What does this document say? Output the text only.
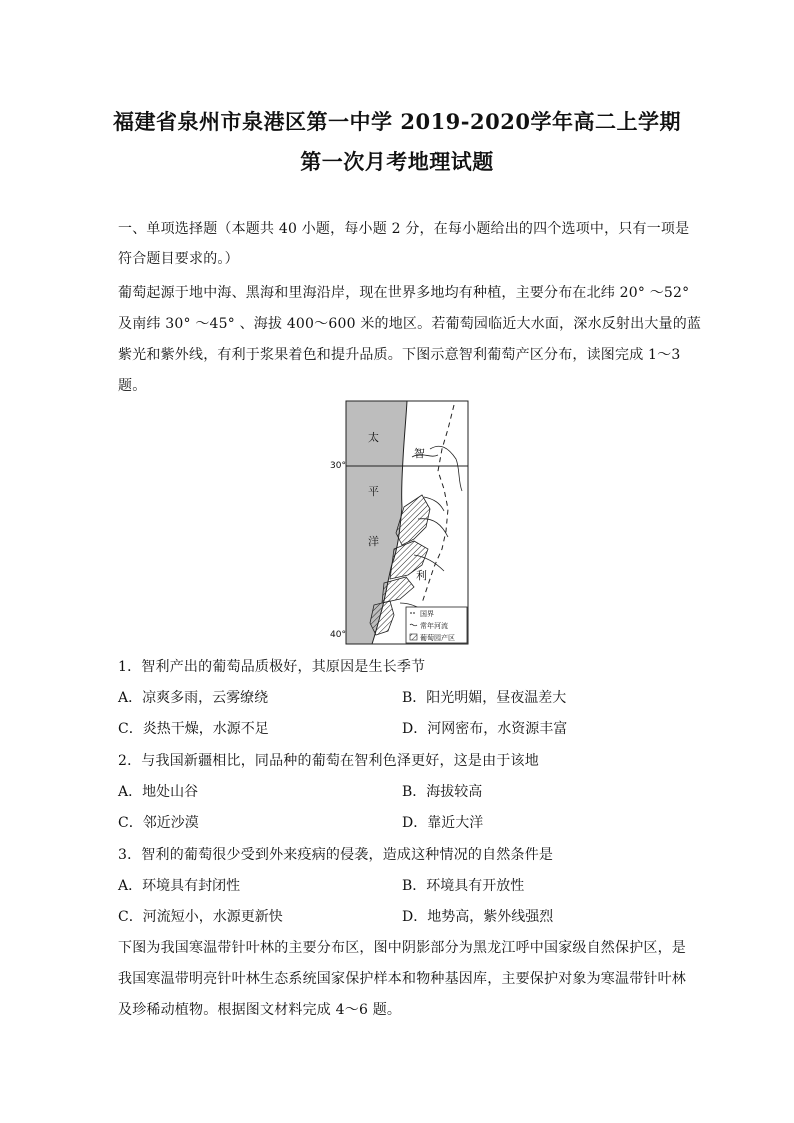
福建省泉州市泉港区第一中学 2019-2020学年高二上学期
第一次月考地理试题
一、单项选择题（本题共 40 小题，每小题 2 分，在每小题给出的四个选项中，只有一项是
符合题目要求的。）
葡萄起源于地中海、黑海和里海沿岸，现在世界多地均有种植，主要分布在北纬 20° ～52°
及南纬 30° ～45° 、海拔 400～600 米的地区。若葡萄园临近大水面，深水反射出大量的蓝
紫光和紫外线，有利于浆果着色和提升品质。下图示意智利葡萄产区分布，读图完成 1～3
题。
太
平
洋
智
利
30°
40°
国界
常年河流
葡萄园产区
1．智利产出的葡萄品质极好，其原因是生长季节
A．凉爽多雨，云雾缭绕	B．阳光明媚，昼夜温差大
C．炎热干燥，水源不足	D．河网密布，水资源丰富
2．与我国新疆相比，同品种的葡萄在智利色泽更好，这是由于该地
A．地处山谷	B．海拔较高
C．邻近沙漠	D．靠近大洋
3．智利的葡萄很少受到外来疫病的侵袭，造成这种情况的自然条件是
A．环境具有封闭性	B．环境具有开放性
C．河流短小，水源更新快	D．地势高，紫外线强烈
下图为我国寒温带针叶林的主要分布区，图中阴影部分为黑龙江呼中国家级自然保护区，是
我国寒温带明亮针叶林生态系统国家保护样本和物种基因库，主要保护对象为寒温带针叶林
及珍稀动植物。根据图文材料完成 4～6 题。
